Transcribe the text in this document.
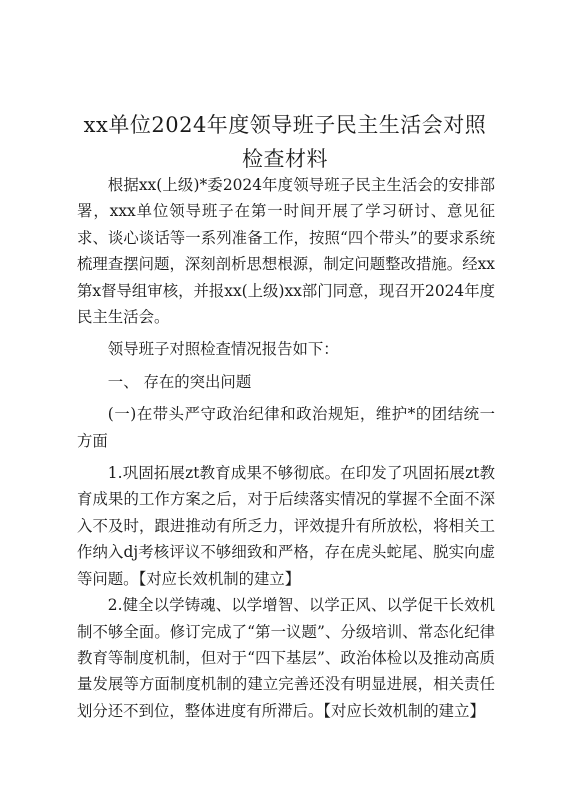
xx单位2024年度领导班子民主生活会对照
检查材料

根据xx(上级)*委2024年度领导班子民主生活会的安排部署，xxx单位领导班子在第一时间开展了学习研讨、意见征求、谈心谈话等一系列准备工作，按照“四个带头”的要求系统梳理查摆问题，深刻剖析思想根源，制定问题整改措施。经xx第x督导组审核，并报xx(上级)xx部门同意，现召开2024年度民主生活会。

领导班子对照检查情况报告如下：

一、 存在的突出问题

(一)在带头严守政治纪律和政治规矩，维护*的团结统一方面

1.巩固拓展zt教育成果不够彻底。在印发了巩固拓展zt教育成果的工作方案之后，对于后续落实情况的掌握不全面不深入不及时，跟进推动有所乏力，评效提升有所放松，将相关工作纳入dj考核评议不够细致和严格，存在虎头蛇尾、脱实向虚等问题。【对应长效机制的建立】

2.健全以学铸魂、以学增智、以学正风、以学促干长效机制不够全面。修订完成了“第一议题”、分级培训、常态化纪律教育等制度机制，但对于“四下基层”、政治体检以及推动高质量发展等方面制度机制的建立完善还没有明显进展，相关责任划分还不到位，整体进度有所滞后。【对应长效机制的建立】
